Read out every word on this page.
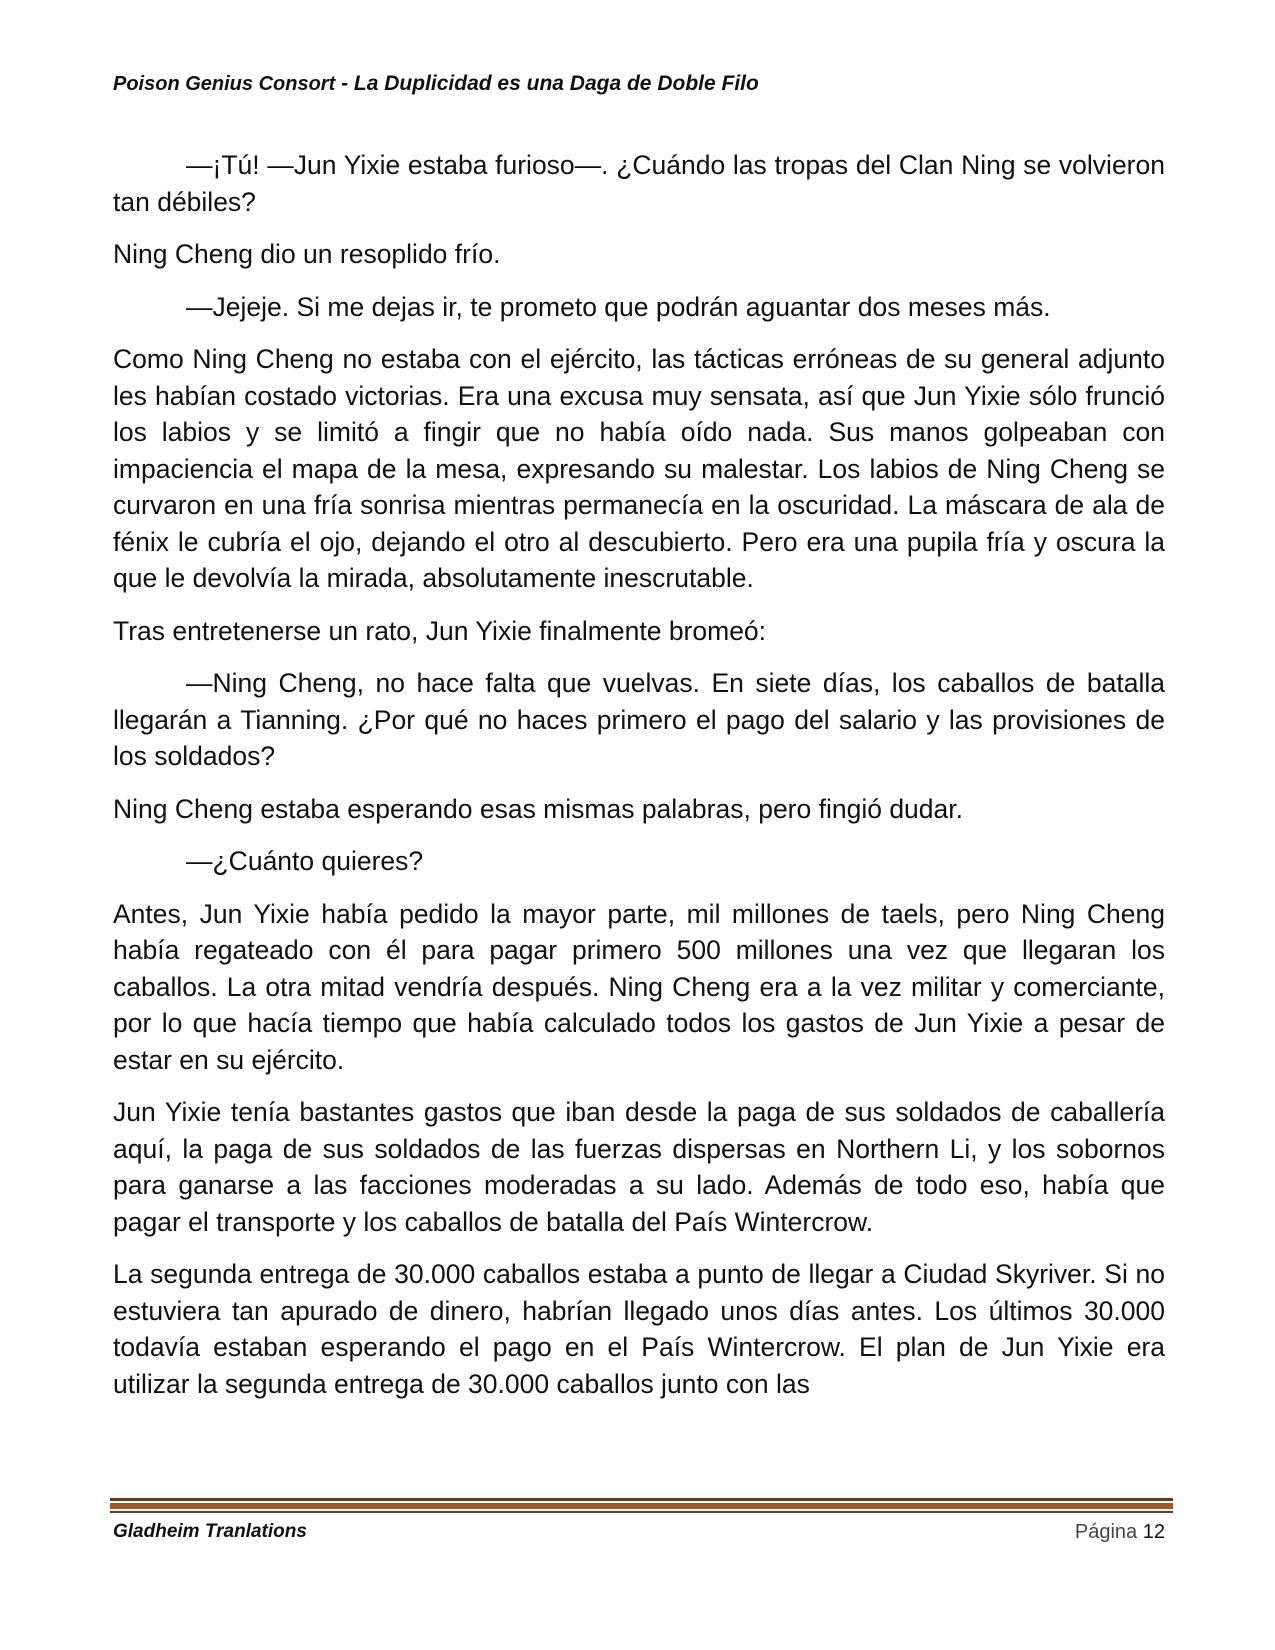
Poison Genius Consort - La Duplicidad es una Daga de Doble Filo

—¡Tú! —Jun Yixie estaba furioso—. ¿Cuándo las tropas del Clan Ning se volvieron tan débiles?

Ning Cheng dio un resoplido frío.

—Jejeje. Si me dejas ir, te prometo que podrán aguantar dos meses más.

Como Ning Cheng no estaba con el ejército, las tácticas erróneas de su general adjunto les habían costado victorias. Era una excusa muy sensata, así que Jun Yixie sólo frunció los labios y se limitó a fingir que no había oído nada. Sus manos golpeaban con impaciencia el mapa de la mesa, expresando su malestar. Los labios de Ning Cheng se curvaron en una fría sonrisa mientras permanecía en la oscuridad. La máscara de ala de fénix le cubría el ojo, dejando el otro al descubierto. Pero era una pupila fría y oscura la que le devolvía la mirada, absolutamente inescrutable.

Tras entretenerse un rato, Jun Yixie finalmente bromeó:

—Ning Cheng, no hace falta que vuelvas. En siete días, los caballos de batalla llegarán a Tianning. ¿Por qué no haces primero el pago del salario y las provisiones de los soldados?

Ning Cheng estaba esperando esas mismas palabras, pero fingió dudar.

—¿Cuánto quieres?

Antes, Jun Yixie había pedido la mayor parte, mil millones de taels, pero Ning Cheng había regateado con él para pagar primero 500 millones una vez que llegaran los caballos. La otra mitad vendría después. Ning Cheng era a la vez militar y comerciante, por lo que hacía tiempo que había calculado todos los gastos de Jun Yixie a pesar de estar en su ejército.

Jun Yixie tenía bastantes gastos que iban desde la paga de sus soldados de caballería aquí, la paga de sus soldados de las fuerzas dispersas en Northern Li, y los sobornos para ganarse a las facciones moderadas a su lado. Además de todo eso, había que pagar el transporte y los caballos de batalla del País Wintercrow.

La segunda entrega de 30.000 caballos estaba a punto de llegar a Ciudad Skyriver. Si no estuviera tan apurado de dinero, habrían llegado unos días antes. Los últimos 30.000 todavía estaban esperando el pago en el País Wintercrow. El plan de Jun Yixie era utilizar la segunda entrega de 30.000 caballos junto con las

Gladheim Tranlations	Página 12
